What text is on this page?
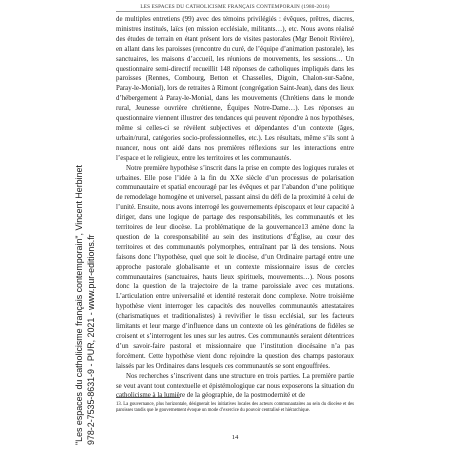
LES ESPACES DU CATHOLICISME FRANÇAIS CONTEMPORAIN (1980-2016)

de multiples entretiens (99) avec des témoins privilégiés : évêques, prêtres, diacres, ministres institués, laïcs (en mission ecclésiale, militants…), etc. Nous avons réalisé des études de terrain en étant présent lors de visites pastorales (Mgr Benoit Rivière), en allant dans les paroisses (rencontre du curé, de l’équipe d’animation pastorale), les sanctuaires, les maisons d’accueil, les réunions de mouvements, les sessions… Un questionnaire semi-directif recueillit 148 réponses de catholiques impliqués dans les paroisses (Rennes, Combourg, Betton et Chasselles, Digoin, Chalon-sur-Saône, Paray-le-Monial), lors de retraites à Rimont (congrégation Saint-Jean), dans des lieux d’hébergement à Paray-le-Monial, dans les mouvements (Chrétiens dans le monde rural, Jeunesse ouvrière chrétienne, Équipes Notre-Dame…). Les réponses au questionnaire viennent illustrer des tendances qui peuvent répondre à nos hypothèses, même si celles-ci se révèlent subjectives et dépendantes d’un contexte (âges, urbain/rural, catégories socio-professionnelles, etc.). Les résultats, même s’ils sont à nuancer, nous ont aidé dans nos premières réflexions sur les interactions entre l’espace et le religieux, entre les territoires et les communautés.

Notre première hypothèse s’inscrit dans la prise en compte des logiques rurales et urbaines. Elle pose l’idée à la fin du XXe siècle d’un processus de polarisation communautaire et spatial encouragé par les évêques et par l’abandon d’une politique de remodelage homogène et universel, passant ainsi du défi de la proximité à celui de l’unité. Ensuite, nous avons interrogé les gouvernements épiscopaux et leur capacité à diriger, dans une logique de partage des responsabilités, les communautés et les territoires de leur diocèse. La problématique de la gouvernance13 amène donc la question de la coresponsabilité au sein des institutions d’Église, au cœur des territoires et des communautés polymorphes, entraînant par là des tensions. Nous faisons donc l’hypothèse, quel que soit le diocèse, d’un Ordinaire partagé entre une approche pastorale globalisante et un contexte missionnaire issus de cercles communautaires (sanctuaires, hauts lieux spirituels, mouvements…). Nous posons donc la question de la trajectoire de la trame paroissiale avec ces mutations. L’articulation entre universalité et identité resterait donc complexe. Notre troisième hypothèse vient interroger les capacités des nouvelles communautés attestataires (charismatiques et traditionalistes) à revivifier le tissu ecclésial, sur les facteurs limitants et leur marge d’influence dans un contexte où les générations de fidèles se croisent et s’interrogent les unes sur les autres. Ces communautés seraient détentrices d’un savoir-faire pastoral et missionnaire que l’institution diocésaine n’a pas forcément. Cette hypothèse vient donc rejoindre la question des champs pastoraux laissés par les Ordinaires dans lesquels ces communautés se sont engouffrées.

Nos recherches s’inscrivent dans une structure en trois parties. La première partie se veut avant tout contextuelle et épistémologique car nous exposerons la situation du catholicisme à la lumière de la géographie, de la postmodernité et de

13. La gouvernance, plus horizontale, désignerait les initiatives locales des acteurs communautaires au sein du diocèse et des paroisses tandis que le gouvernement évoque un mode d’exercice du pouvoir centralisé et hiérarchique.
14
"Les espaces du catholicisme français contemporain", Vincent Herbinet 978-2-7535-8631-9 - PUR, 2021 - www.pur-editions.fr
